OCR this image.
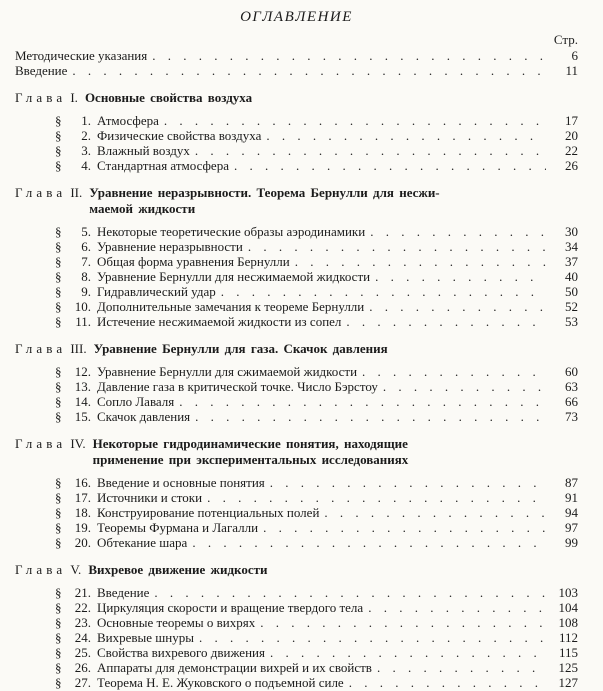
ОГЛАВЛЕНИЕ
Стр.
Методические указания . . .	6
Введение . . .	11
Глава I. Основные свойства воздуха
§	1. Атмосфера . . .	17
§	2. Физические свойства воздуха . . .	20
§	3. Влажный воздух . . .	22
§	4. Стандартная атмосфера . . .	26
Глава II. Уравнение неразрывности. Теорема Бернулли для несжи-
маемой жидкости
§	5. Некоторые теоретические образы аэродинамики . . .	30
§	6. Уравнение неразрывности . . .	34
§	7. Общая форма уравнения Бернулли . . .	37
§	8. Уравнение Бернулли для несжимаемой жидкости . . .	40
§	9. Гидравлический удар . . .	50
§	10. Дополнительные замечания к теореме Бернулли . . .	52
§	11. Истечение несжимаемой жидкости из сопел . . .	53
Глава III. Уравнение Бернулли для газа. Скачок давления
§	12. Уравнение Бернулли для сжимаемой жидкости . . .	60
§	13. Давление газа в критической точке. Число Бэрстоу . . .	63
§	14. Сопло Лаваля . . .	66
§	15. Скачок давления . . .	73
Глава IV. Некоторые гидродинамические понятия, находящие
применение при экспериментальных исследованиях
§	16. Введение и основные понятия . . .	87
§	17. Источники и стоки . . .	91
§	18. Конструирование потенциальных полей . . .	94
§	19. Теоремы Фурмана и Лагалли . . .	97
§	20. Обтекание шара . . .	99
Глава V. Вихревое движение жидкости
§	21. Введение . . .	103
§	22. Циркуляция скорости и вращение твердого тела . . .	104
§	23. Основные теоремы о вихрях . . .	108
§	24. Вихревые шнуры . . .	112
§	25. Свойства вихревого движения . . .	115
§	26. Аппараты для демонстрации вихрей и их свойств . . .	125
§	27. Теорема Н. Е. Жуковского о подъемной силе . . .	127
